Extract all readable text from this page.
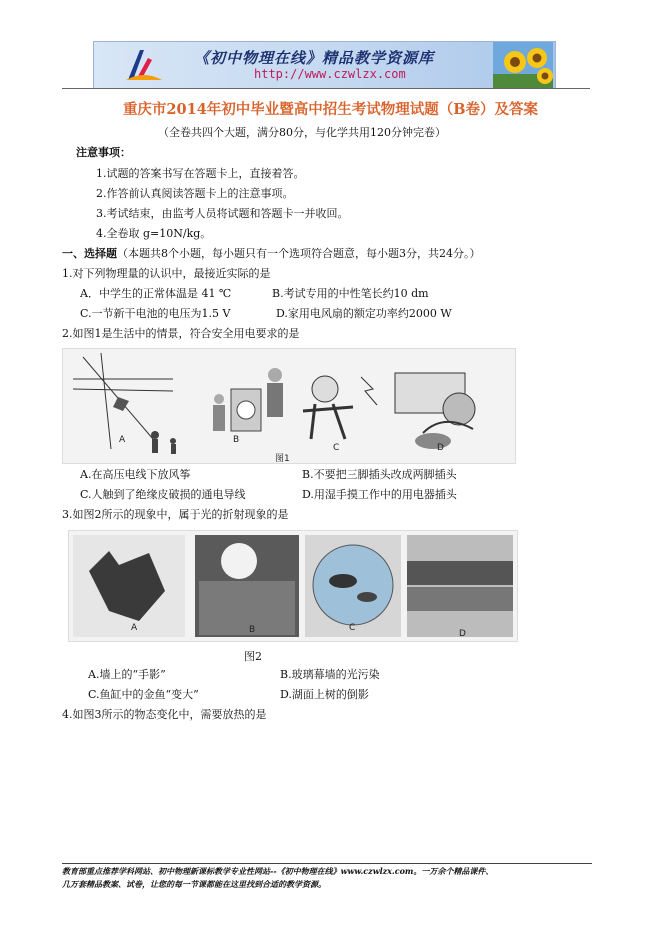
《初中物理在线》精品教学资源库
http://www.czwlzx.com
重庆市2014年初中毕业暨高中招生考试物理试题（B卷）及答案
（全卷共四个大题，满分80分，与化学共用120分钟完卷）
注意事项：
1.试题的答案书写在答题卡上，直接着答。
2.作答前认真阅读答题卡上的注意事项。
3.考试结束，由监考人员将试题和答题卡一并收回。
4.全卷取 g=10N/kg。
一、选择题（本题共8个小题，每小题只有一个选项符合题意，每小题3分，共24分。）
1.对下列物理量的认识中，最接近实际的是
A．中学生的正常体温是 41 ℃	B.考试专用的中性笔长约10 dm
C.一节新干电池的电压为1.5 V	D.家用电风扇的额定功率约2000 W
2.如图1是生活中的情景，符合安全用电要求的是
A	B
C	D
图1
A.在高压电线下放风筝	B.不要把三脚插头改成两脚插头
C.人触到了绝缘皮破损的通电导线	D.用湿手摸工作中的用电器插头
3.如图2所示的现象中，属于光的折射现象的是
A	B	C
D
图2
A.墙上的“手影”	B.玻璃幕墙的光污染
C.鱼缸中的金鱼“变大”	D.湖面上树的倒影
4.如图3所示的物态变化中，需要放热的是
教育部重点推荐学科网站、初中物理新课标教学专业性网站--《初中物理在线》www.czwlzx.com。一万余个精品课件、
几万套精品教案、试卷，让您的每一节课都能在这里找到合适的教学资源。
